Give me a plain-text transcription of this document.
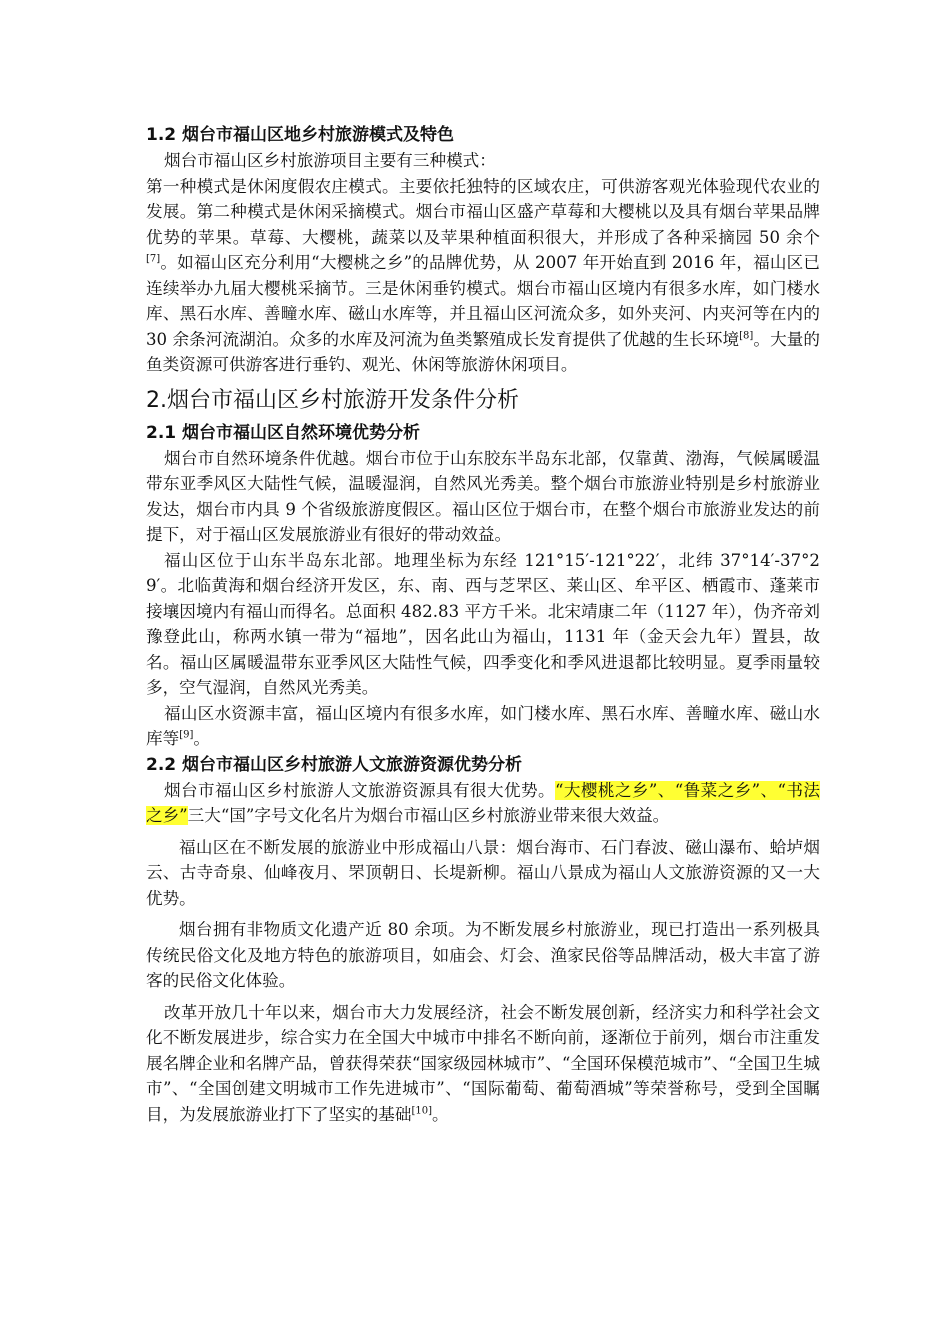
1.2 烟台市福山区地乡村旅游模式及特色

烟台市福山区乡村旅游项目主要有三种模式：

第一种模式是休闲度假农庄模式。主要依托独特的区域农庄，可供游客观光体验现代农业的发展。第二种模式是休闲采摘模式。烟台市福山区盛产草莓和大樱桃以及具有烟台苹果品牌优势的苹果。草莓、大樱桃，蔬菜以及苹果种植面积很大，并形成了各种采摘园 50 余个[7]。如福山区充分利用“大樱桃之乡”的品牌优势，从 2007 年开始直到 2016 年，福山区已连续举办九届大樱桃采摘节。三是休闲垂钓模式。烟台市福山区境内有很多水库，如门楼水库、黑石水库、善疃水库、磁山水库等，并且福山区河流众多，如外夹河、内夹河等在内的 30 余条河流湖泊。众多的水库及河流为鱼类繁殖成长发育提供了优越的生长环境[8]。大量的鱼类资源可供游客进行垂钓、观光、休闲等旅游休闲项目。

2.烟台市福山区乡村旅游开发条件分析
2.1 烟台市福山区自然环境优势分析

烟台市自然环境条件优越。烟台市位于山东胶东半岛东北部，仅靠黄、渤海，气候属暖温带东亚季风区大陆性气候，温暖湿润，自然风光秀美。整个烟台市旅游业特别是乡村旅游业发达，烟台市内具 9 个省级旅游度假区。福山区位于烟台市，在整个烟台市旅游业发达的前提下，对于福山区发展旅游业有很好的带动效益。

福山区位于山东半岛东北部。地理坐标为东经 121°15′-121°22′，北纬 37°14′-37°29′。北临黄海和烟台经济开发区，东、南、西与芝罘区、莱山区、牟平区、栖霞市、蓬莱市接壤因境内有福山而得名。总面积 482.83 平方千米。北宋靖康二年（1127 年），伪齐帝刘豫登此山，称两水镇一带为“福地”，因名此山为福山，1131 年（金天会九年）置县，故名。福山区属暖温带东亚季风区大陆性气候，四季变化和季风进退都比较明显。夏季雨量较多，空气湿润，自然风光秀美。

福山区水资源丰富，福山区境内有很多水库，如门楼水库、黑石水库、善疃水库、磁山水库等[9]。

2.2 烟台市福山区乡村旅游人文旅游资源优势分析

烟台市福山区乡村旅游人文旅游资源具有很大优势。“大樱桃之乡”、“鲁菜之乡”、“书法之乡”三大“国”字号文化名片为烟台市福山区乡村旅游业带来很大效益。

福山区在不断发展的旅游业中形成福山八景：烟台海市、石门春波、磁山瀑布、蛤垆烟云、古寺奇泉、仙峰夜月、罘顶朝日、长堤新柳。福山八景成为福山人文旅游资源的又一大优势。

烟台拥有非物质文化遗产近 80 余项。为不断发展乡村旅游业，现已打造出一系列极具传统民俗文化及地方特色的旅游项目，如庙会、灯会、渔家民俗等品牌活动，极大丰富了游客的民俗文化体验。

改革开放几十年以来，烟台市大力发展经济，社会不断发展创新，经济实力和科学社会文化不断发展进步，综合实力在全国大中城市中排名不断向前，逐渐位于前列，烟台市注重发展名牌企业和名牌产品，曾获得荣获“国家级园林城市”、“全国环保模范城市”、“全国卫生城市”、“全国创建文明城市工作先进城市”、“国际葡萄、葡萄酒城”等荣誉称号，受到全国瞩目，为发展旅游业打下了坚实的基础[10]。
